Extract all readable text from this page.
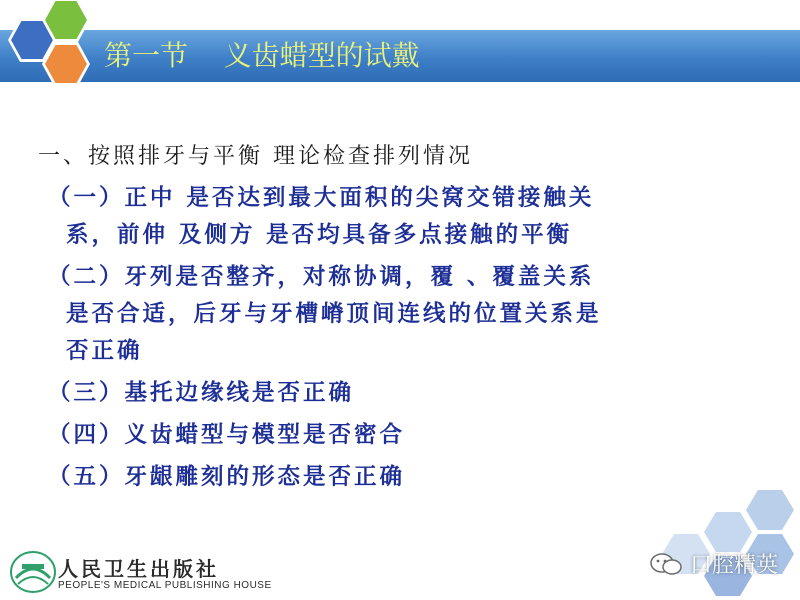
第一节    义齿蜡型的试戴
一、按照排牙与平衡 理论检查排列情况
（一）正中 是否达到最大面积的尖窝交错接触关
系，前伸 及侧方 是否均具备多点接触的平衡
（二）牙列是否整齐，对称协调，覆 、覆盖关系
是否合适，后牙与牙槽嵴顶间连线的位置关系是
否正确
（三）基托边缘线是否正确
（四）义齿蜡型与模型是否密合
（五）牙龈雕刻的形态是否正确
人民卫生出版社
PEOPLE'S MEDICAL PUBLISHING HOUSE
口腔精英
